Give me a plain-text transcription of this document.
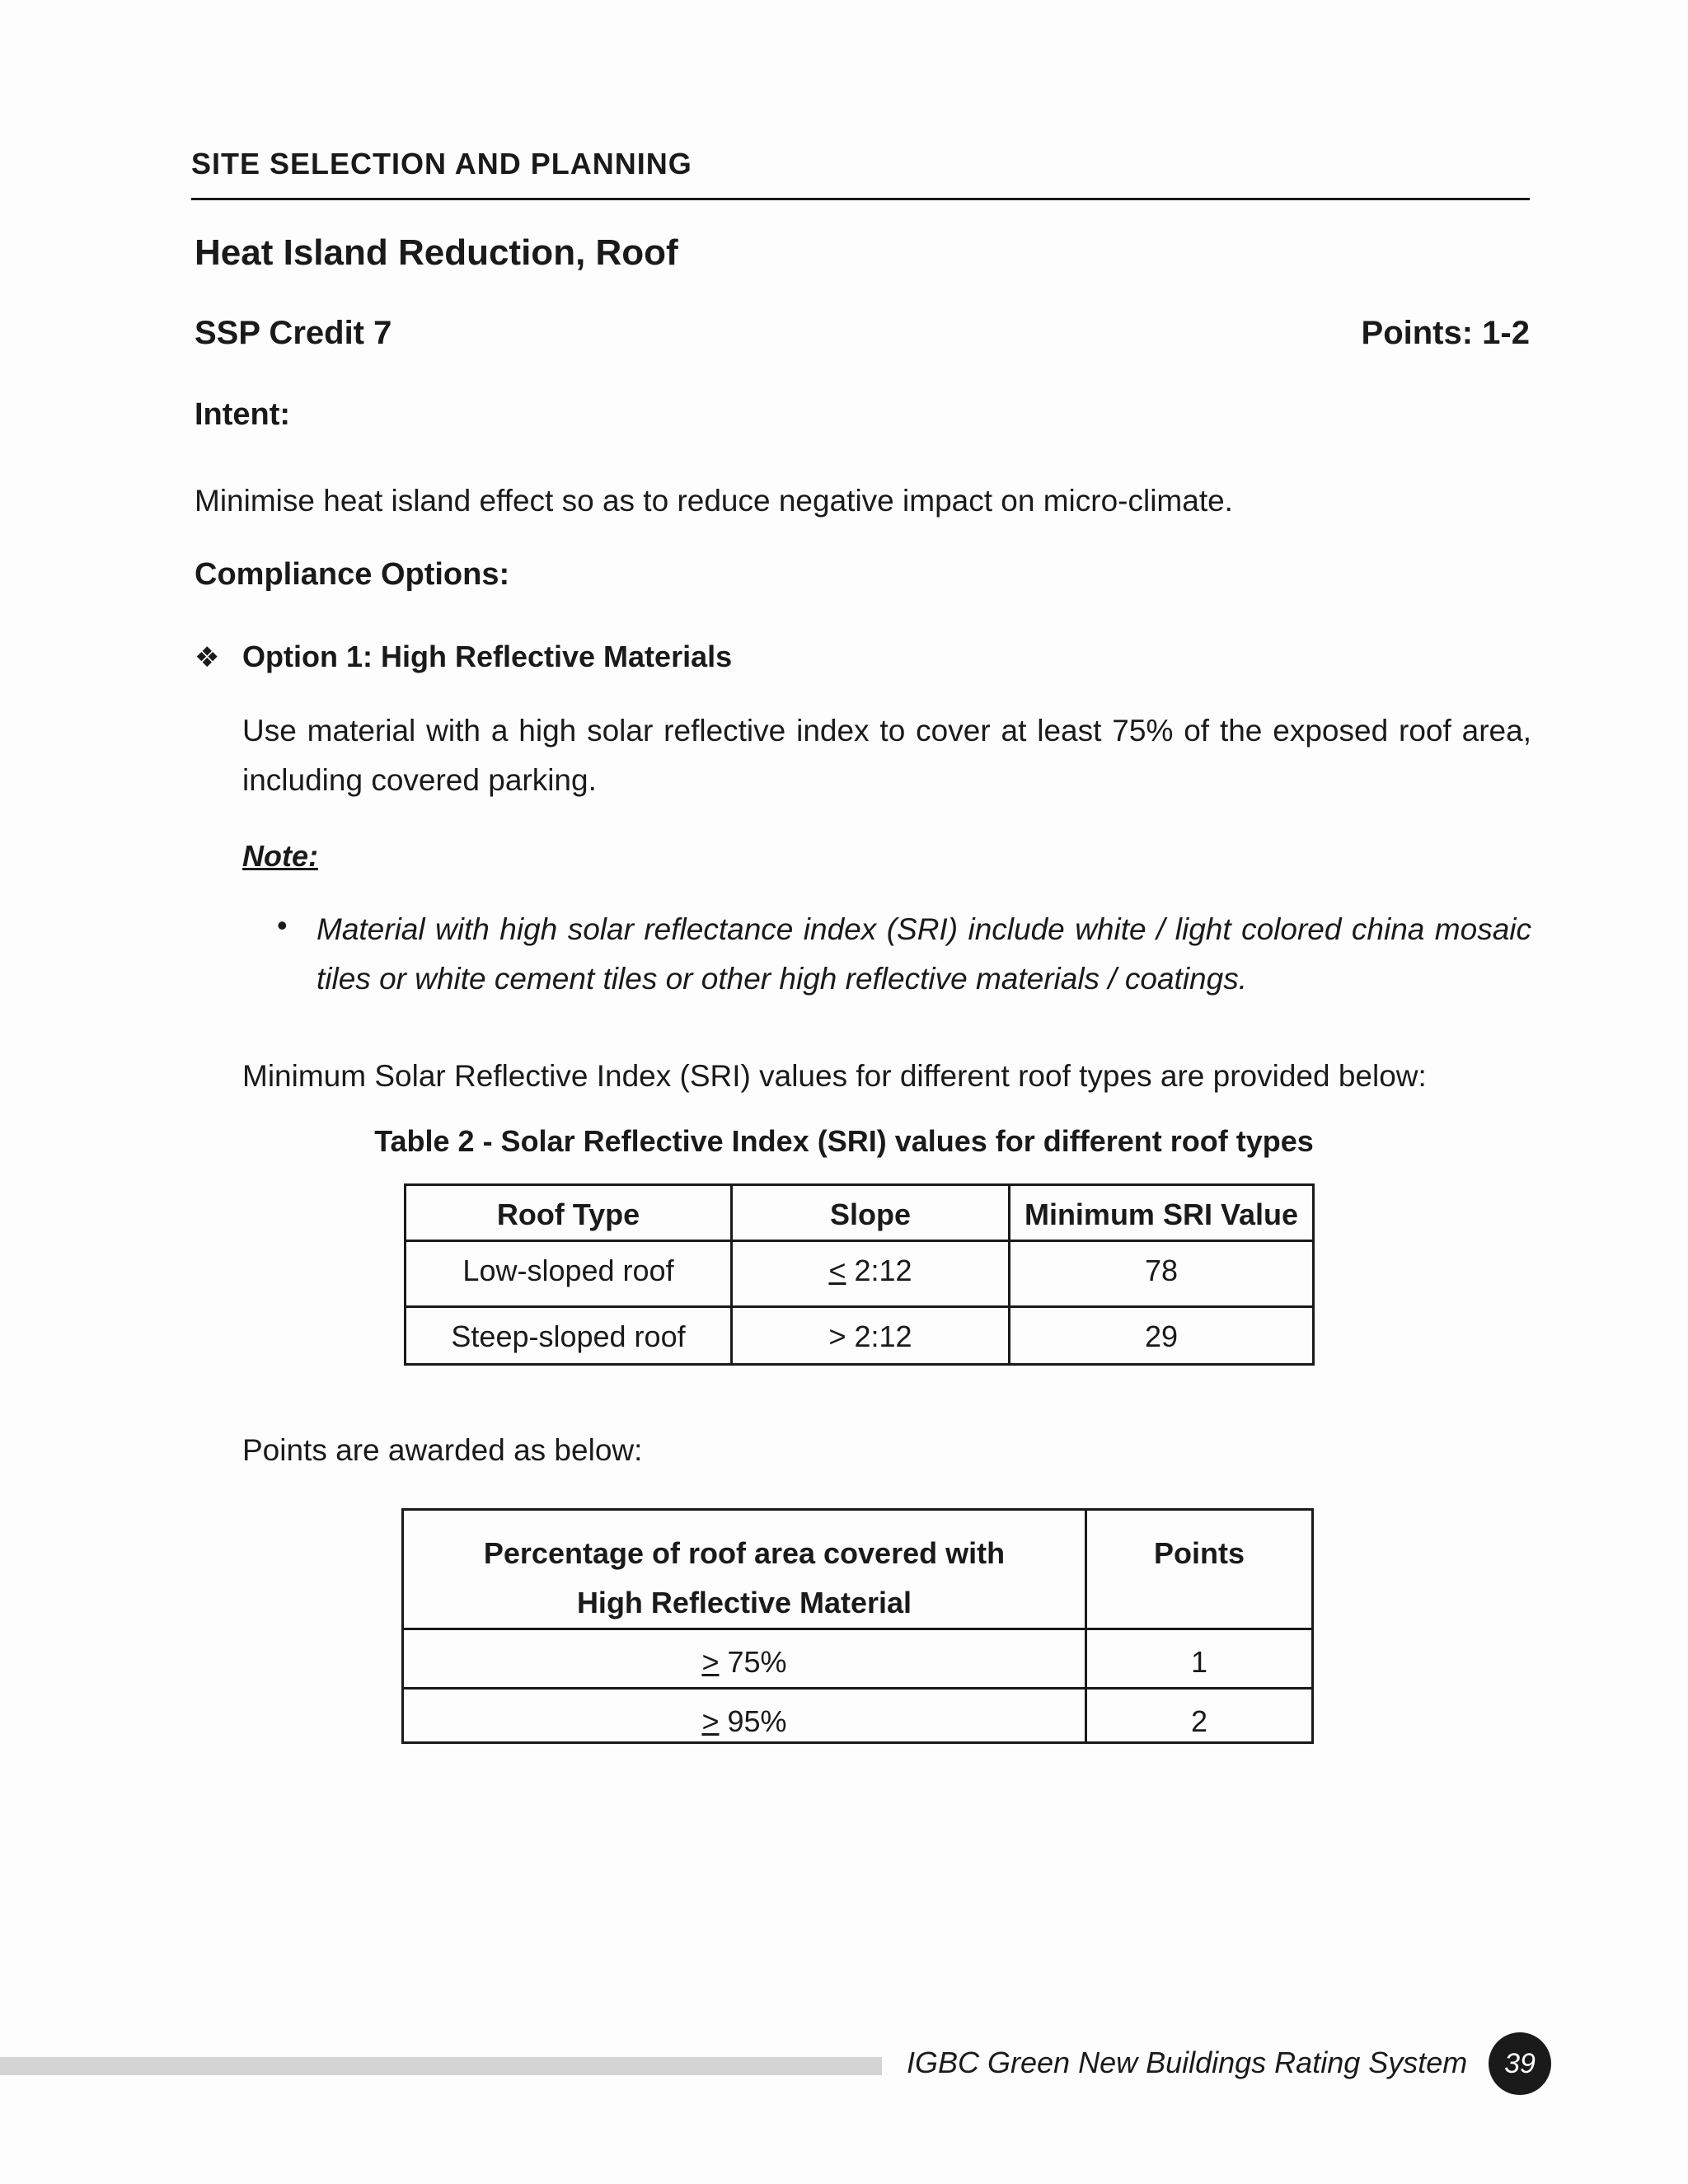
SITE SELECTION AND PLANNING
Heat Island Reduction, Roof
SSP Credit 7	Points: 1-2
Intent:
Minimise heat island effect so as to reduce negative impact on micro-climate.
Compliance Options:
❖ Option 1: High Reflective Materials
Use material with a high solar reflective index to cover at least 75% of the exposed roof area, including covered parking.
Note:
• Material with high solar reflectance index (SRI) include white / light colored china mosaic tiles or white cement tiles or other high reflective materials / coatings.
Minimum Solar Reflective Index (SRI) values for different roof types are provided below:
Table 2 - Solar Reflective Index (SRI) values for different roof types
Roof Type	Slope	Minimum SRI Value
Low-sloped roof	< 2:12	78
Steep-sloped roof	> 2:12	29
Points are awarded as below:
Percentage of roof area covered with
High Reflective Material	Points
> 75%	1
> 95%	2
IGBC Green New Buildings Rating System	39
